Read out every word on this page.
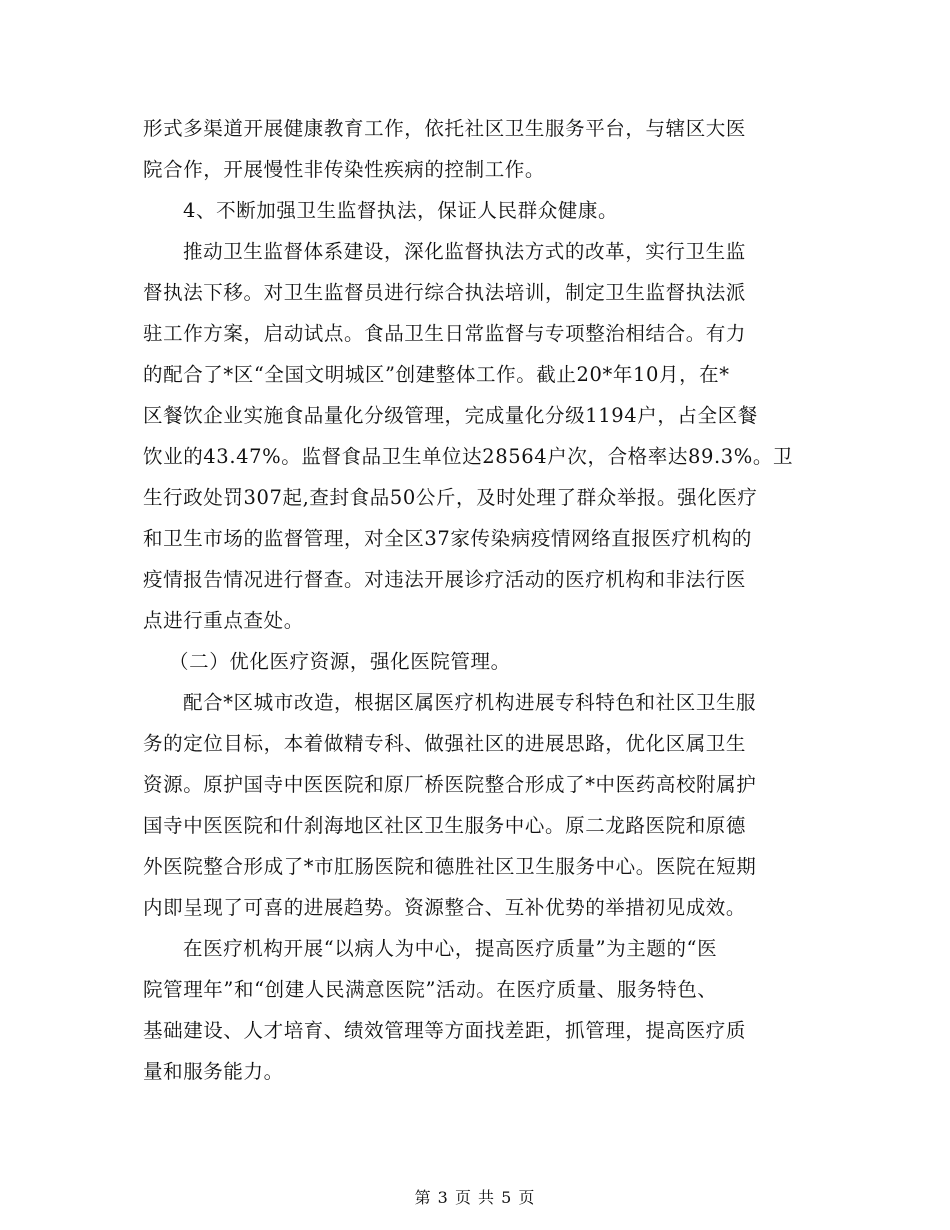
形式多渠道开展健康教育工作，依托社区卫生服务平台，与辖区大医
院合作，开展慢性非传染性疾病的控制工作。
4、不断加强卫生监督执法，保证人民群众健康。
推动卫生监督体系建设，深化监督执法方式的改革，实行卫生监
督执法下移。对卫生监督员进行综合执法培训，制定卫生监督执法派
驻工作方案，启动试点。食品卫生日常监督与专项整治相结合。有力
的配合了*区“全国文明城区”创建整体工作。截止20*年10月，在*
区餐饮企业实施食品量化分级管理，完成量化分级1194户，占全区餐
饮业的43.47%。监督食品卫生单位达28564户次，合格率达89.3%。卫
生行政处罚307起,查封食品50公斤，及时处理了群众举报。强化医疗
和卫生市场的监督管理，对全区37家传染病疫情网络直报医疗机构的
疫情报告情况进行督查。对违法开展诊疗活动的医疗机构和非法行医
点进行重点查处。
（二）优化医疗资源，强化医院管理。
配合*区城市改造，根据区属医疗机构进展专科特色和社区卫生服
务的定位目标，本着做精专科、做强社区的进展思路，优化区属卫生
资源。原护国寺中医医院和原厂桥医院整合形成了*中医药高校附属护
国寺中医医院和什刹海地区社区卫生服务中心。原二龙路医院和原德
外医院整合形成了*市肛肠医院和德胜社区卫生服务中心。医院在短期
内即呈现了可喜的进展趋势。资源整合、互补优势的举措初见成效。
在医疗机构开展“以病人为中心，提高医疗质量”为主题的“医
院管理年”和“创建人民满意医院”活动。在医疗质量、服务特色、
基础建设、人才培育、绩效管理等方面找差距，抓管理，提高医疗质
量和服务能力。
第 3 页 共 5 页
